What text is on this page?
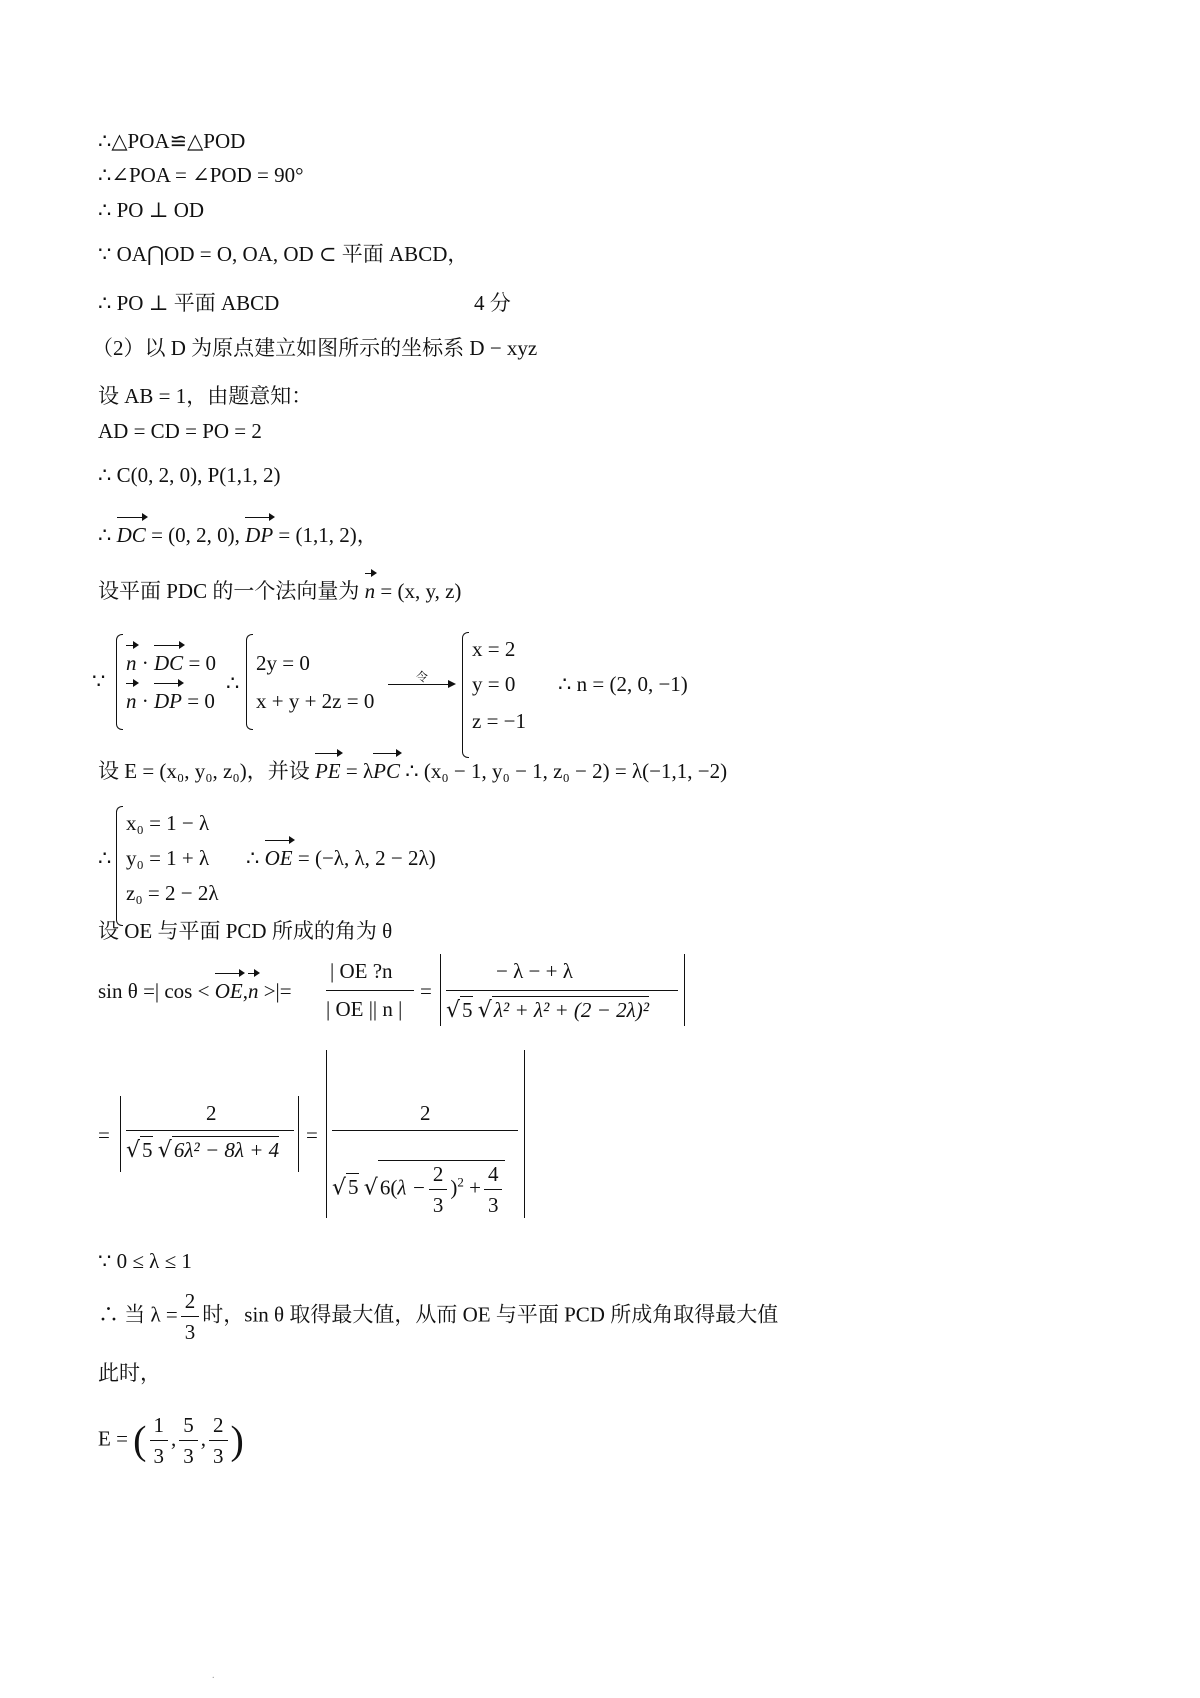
∴△POA≌△POD
∴∠POA = ∠POD = 90°
∴ PO ⊥ OD
∵ OA⋂OD = O, OA, OD ⊂ 平面 ABCD，
∴ PO ⊥ 平面 ABCD	4 分
（2）以 D 为原点建立如图所示的坐标系 D − xyz
设 AB = 1，由题意知：
AD = CD = PO = 2
∴ C(0, 2, 0), P(1,1, 2)
∴ DC = (0, 2, 0), DP = (1,1, 2)，
设平面 PDC 的一个法向量为 n = (x, y, z)
∵
n · DC = 0
n · DP = 0
∴
2y = 0
x + y + 2z = 0
令
x = 2
y = 0
z = −1
∴ n = (2, 0, −1)
设 E = (x₀, y₀, z₀)，并设 PE = λPC ∴ (x₀ − 1, y₀ − 1, z₀ − 2) = λ(−1,1, −2)
∴
x₀ = 1 − λ
y₀ = 1 + λ
z₀ = 2 − 2λ
∴ OE = (−λ, λ, 2 − 2λ)
设 OE 与平面 PCD 所成的角为 θ
sin θ =| cos < OE,n >|=
| OE ?n
| OE || n |
=
− λ − + λ
√5 √λ² + λ² + (2 − 2λ)²
=
2
√5 √6λ² − 8λ + 4
=
2
√5 $√6(\lambda - \frac{2}{3} )^2 + \frac{4}{3}$
∵ 0 ≤ λ ≤ 1
∴ 当 $\lambda = \frac{2}{3}$ 时，sin θ 取得最大值，从而 OE 与平面 PCD 所成角取得最大值
此时，
E = ( $\frac{1}{3}$ , $\frac{5}{3}$ , $\frac{2}{3}$ )
.
